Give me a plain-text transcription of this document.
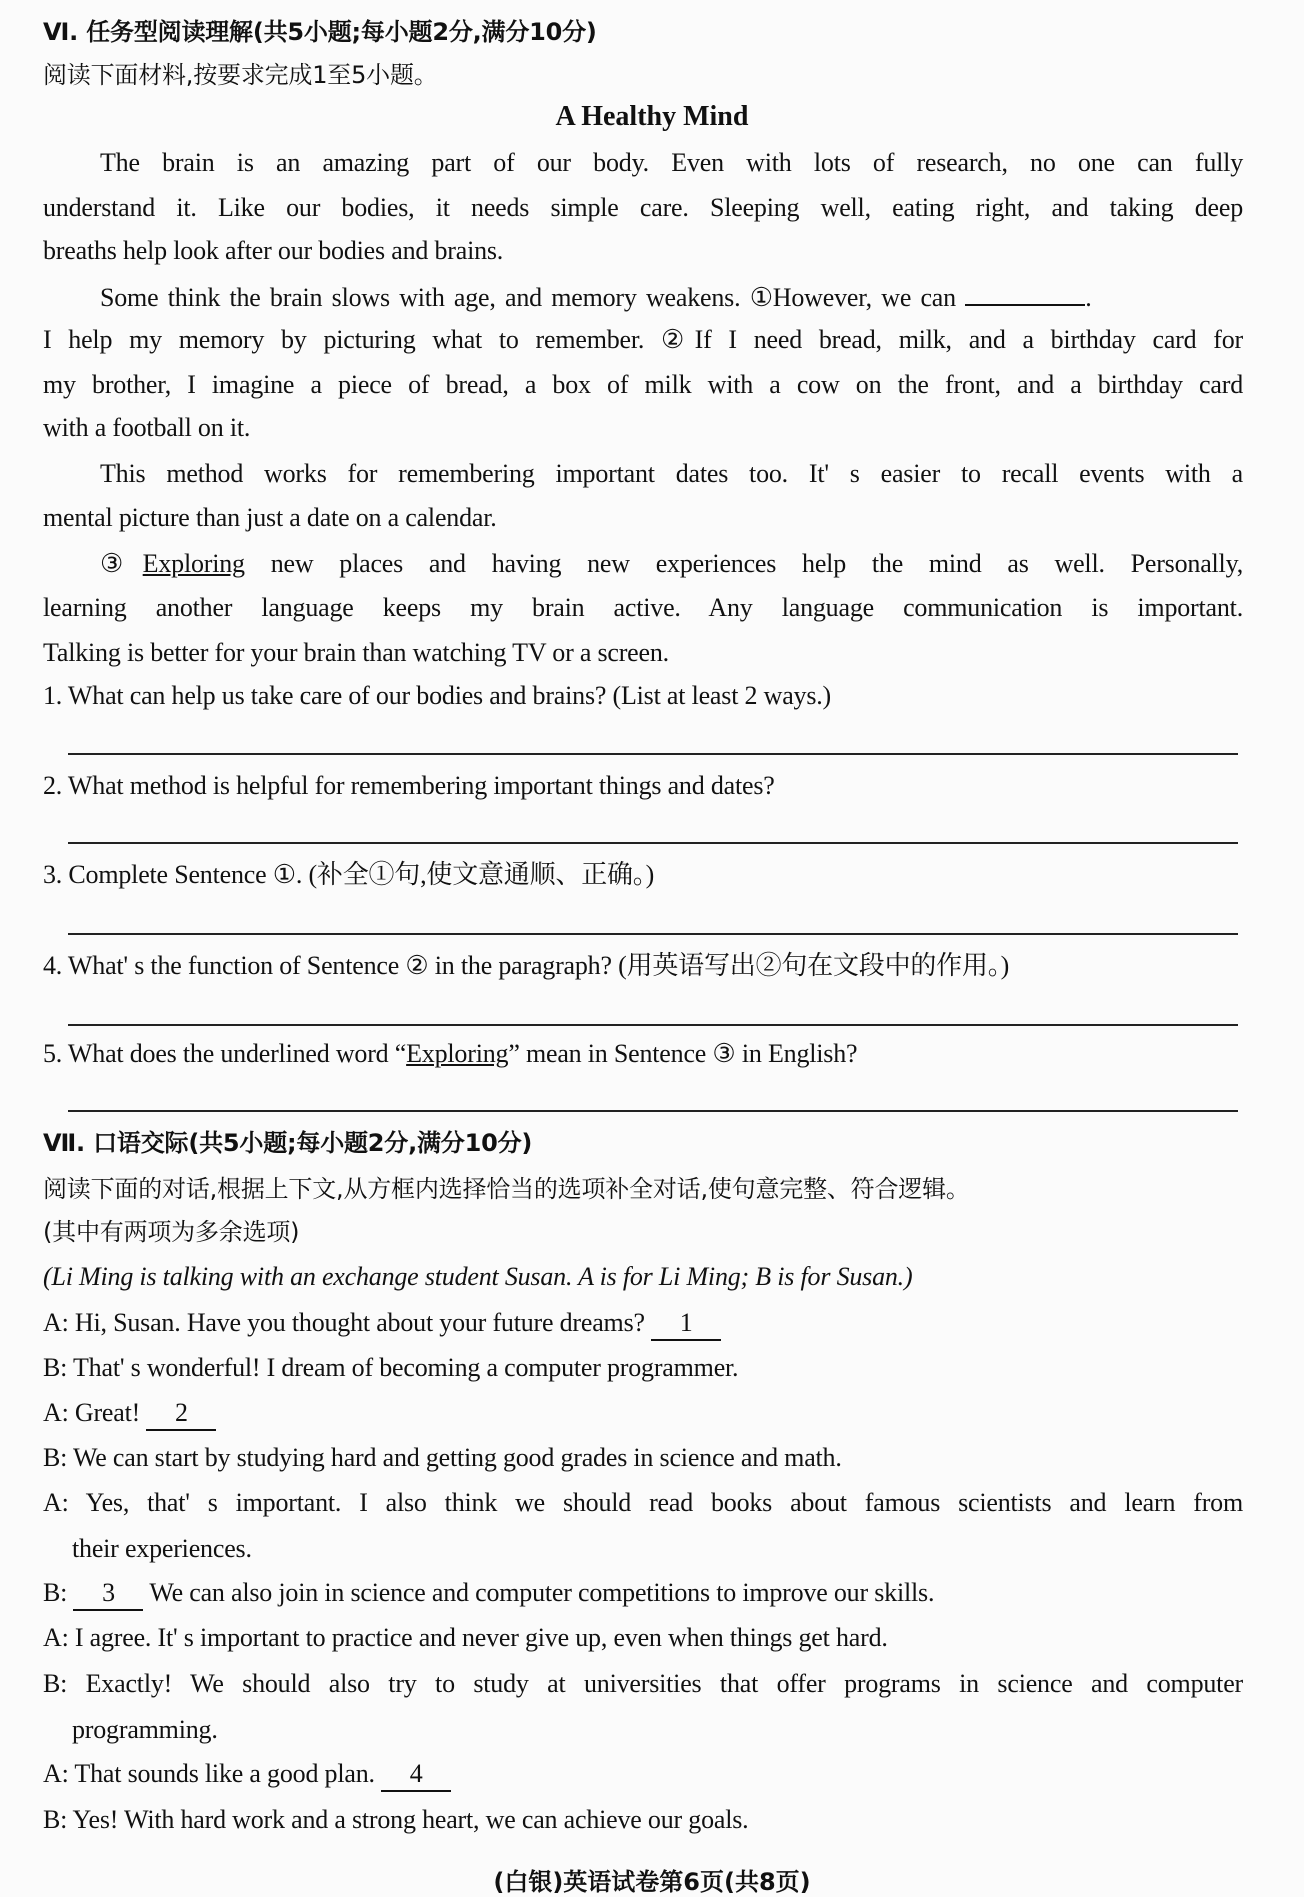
Ⅵ. 任务型阅读理解(共5小题;每小题2分,满分10分)
阅读下面材料,按要求完成1至5小题。
A Healthy Mind
The brain is an amazing part of our body. Even with lots of research, no one can fully
understand it. Like our bodies, it needs simple care. Sleeping well, eating right, and taking deep
breaths help look after our bodies and brains.
Some think the brain slows with age, and memory weakens. ①However, we can	.
I help my memory by picturing what to remember. ②If I need bread, milk, and a birthday card for
my brother, I imagine a piece of bread, a box of milk with a cow on the front, and a birthday card
with a football on it.
This method works for remembering important dates too. It' s easier to recall events with a
mental picture than just a date on a calendar.
③Exploring new places and having new experiences help the mind as well. Personally,
learning another language keeps my brain active. Any language communication is important.
Talking is better for your brain than watching TV or a screen.
1. What can help us take care of our bodies and brains? (List at least 2 ways.)
2. What method is helpful for remembering important things and dates?
3. Complete Sentence ①. (补全①句,使文意通顺、正确。)
4. What' s the function of Sentence ② in the paragraph? (用英语写出②句在文段中的作用。)
5. What does the underlined word “Exploring” mean in Sentence ③ in English?
Ⅶ. 口语交际(共5小题;每小题2分,满分10分)
阅读下面的对话,根据上下文,从方框内选择恰当的选项补全对话,使句意完整、符合逻辑。
(其中有两项为多余选项)
(Li Ming is talking with an exchange student Susan. A is for Li Ming; B is for Susan.)
A: Hi, Susan. Have you thought about your future dreams? 1
B: That' s wonderful! I dream of becoming a computer programmer.
A: Great! 2
B: We can start by studying hard and getting good grades in science and math.
A: Yes, that' s important. I also think we should read books about famous scientists and learn from
their experiences.
B: 3 We can also join in science and computer competitions to improve our skills.
A: I agree. It' s important to practice and never give up, even when things get hard.
B: Exactly! We should also try to study at universities that offer programs in science and computer
programming.
A: That sounds like a good plan. 4
B: Yes! With hard work and a strong heart, we can achieve our goals.
(白银)英语试卷第6页(共8页)
